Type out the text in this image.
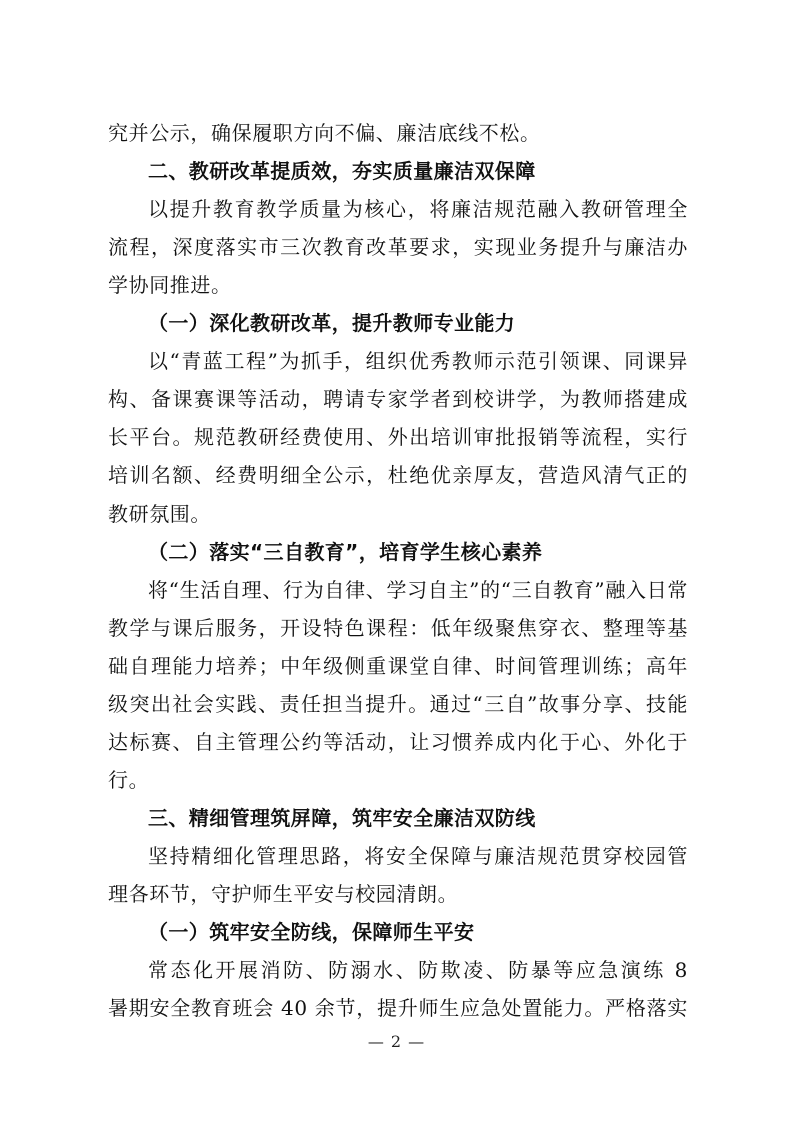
究并公示，确保履职方向不偏、廉洁底线不松。
二、教研改革提质效，夯实质量廉洁双保障
以提升教育教学质量为核心，将廉洁规范融入教研管理全
流程，深度落实市三次教育改革要求，实现业务提升与廉洁办
学协同推进。
（一）深化教研改革，提升教师专业能力
以“青蓝工程”为抓手，组织优秀教师示范引领课、同课异
构、备课赛课等活动，聘请专家学者到校讲学，为教师搭建成
长平台。规范教研经费使用、外出培训审批报销等流程，实行
培训名额、经费明细全公示，杜绝优亲厚友，营造风清气正的
教研氛围。
（二）落实“三自教育”，培育学生核心素养
将“生活自理、行为自律、学习自主”的“三自教育”融入日常
教学与课后服务，开设特色课程：低年级聚焦穿衣、整理等基
础自理能力培养；中年级侧重课堂自律、时间管理训练；高年
级突出社会实践、责任担当提升。通过“三自”故事分享、技能
达标赛、自主管理公约等活动，让习惯养成内化于心、外化于
行。
三、精细管理筑屏障，筑牢安全廉洁双防线
坚持精细化管理思路，将安全保障与廉洁规范贯穿校园管
理各环节，守护师生平安与校园清朗。
（一）筑牢安全防线，保障师生平安
常态化开展消防、防溺水、防欺凌、防暴等应急演练 8
暑期安全教育班会 40 余节，提升师生应急处置能力。严格落实
— 2 —
